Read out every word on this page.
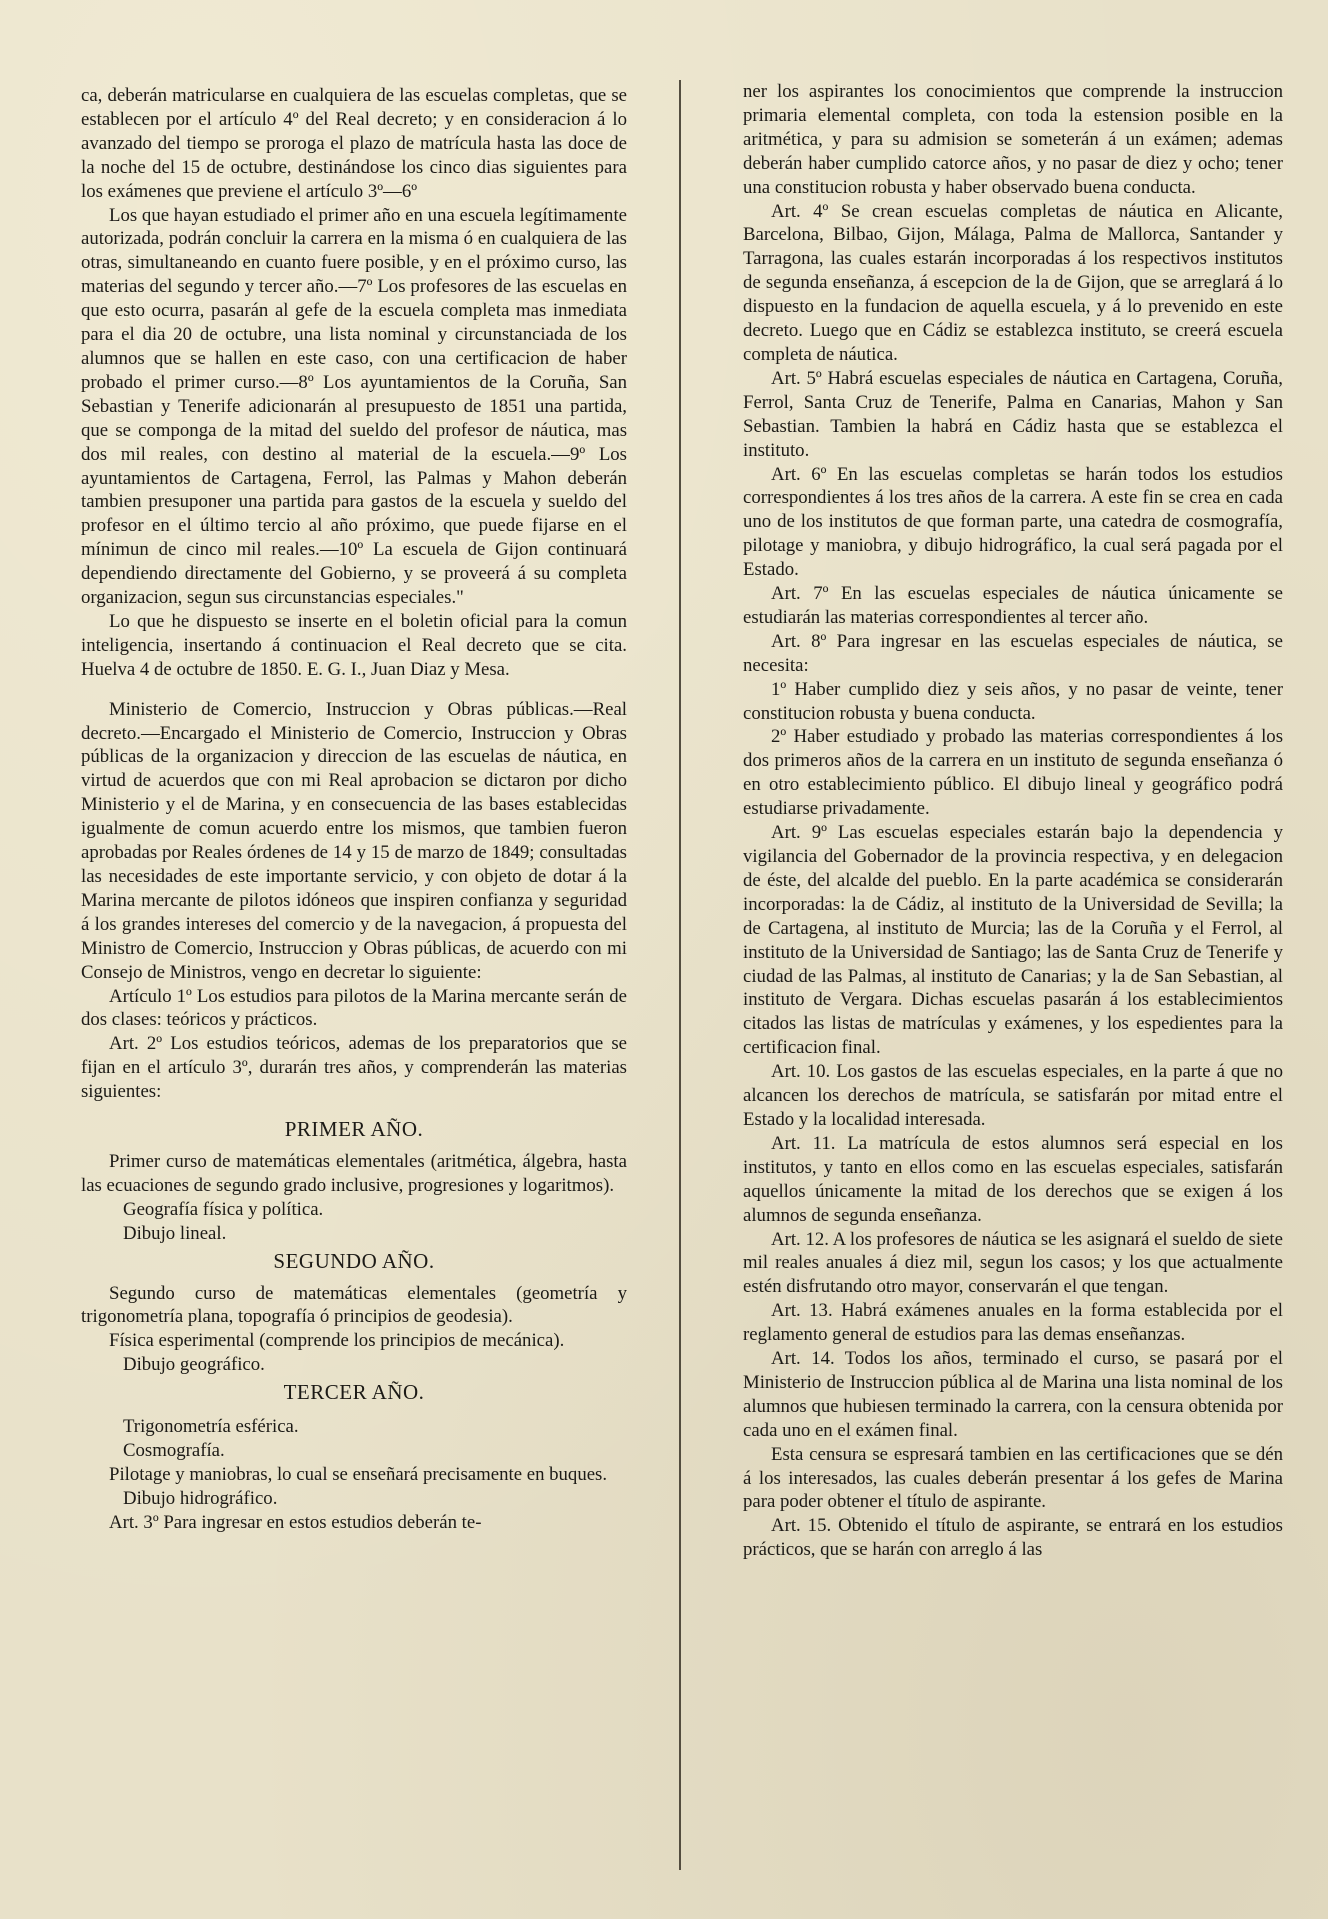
ca, deberán matricularse en cualquiera de las escuelas completas, que se establecen por el artículo 4º del Real decreto; y en consideracion á lo avanzado del tiempo se proroga el plazo de matrícula hasta las doce de la noche del 15 de octubre, destinándose los cinco dias siguientes para los exámenes que previene el artículo 3º—6º

Los que hayan estudiado el primer año en una escuela legítimamente autorizada, podrán concluir la carrera en la misma ó en cualquiera de las otras, simultaneando en cuanto fuere posible, y en el próximo curso, las materias del segundo y tercer año.—7º Los profesores de las escuelas en que esto ocurra, pasarán al gefe de la escuela completa mas inmediata para el dia 20 de octubre, una lista nominal y circunstanciada de los alumnos que se hallen en este caso, con una certificacion de haber probado el primer curso.—8º Los ayuntamientos de la Coruña, San Sebastian y Tenerife adicionarán al presupuesto de 1851 una partida, que se componga de la mitad del sueldo del profesor de náutica, mas dos mil reales, con destino al material de la escuela.—9º Los ayuntamientos de Cartagena, Ferrol, las Palmas y Mahon deberán tambien presuponer una partida para gastos de la escuela y sueldo del profesor en el último tercio al año próximo, que puede fijarse en el mínimun de cinco mil reales.—10º La escuela de Gijon continuará dependiendo directamente del Gobierno, y se proveerá á su completa organizacion, segun sus circunstancias especiales."

Lo que he dispuesto se inserte en el boletin oficial para la comun inteligencia, insertando á continuacion el Real decreto que se cita. Huelva 4 de octubre de 1850. E. G. I., Juan Diaz y Mesa.

Ministerio de Comercio, Instruccion y Obras públicas.—Real decreto.—Encargado el Ministerio de Comercio, Instruccion y Obras públicas de la organizacion y direccion de las escuelas de náutica, en virtud de acuerdos que con mi Real aprobacion se dictaron por dicho Ministerio y el de Marina, y en consecuencia de las bases establecidas igualmente de comun acuerdo entre los mismos, que tambien fueron aprobadas por Reales órdenes de 14 y 15 de marzo de 1849; consultadas las necesidades de este importante servicio, y con objeto de dotar á la Marina mercante de pilotos idóneos que inspiren confianza y seguridad á los grandes intereses del comercio y de la navegacion, á propuesta del Ministro de Comercio, Instruccion y Obras públicas, de acuerdo con mi Consejo de Ministros, vengo en decretar lo siguiente:

Artículo 1º Los estudios para pilotos de la Marina mercante serán de dos clases: teóricos y prácticos.

Art. 2º Los estudios teóricos, ademas de los preparatorios que se fijan en el artículo 3º, durarán tres años, y comprenderán las materias siguientes:

PRIMER AÑO.

Primer curso de matemáticas elementales (aritmética, álgebra, hasta las ecuaciones de segundo grado inclusive, progresiones y logaritmos).

Geografía física y política.

Dibujo lineal.

SEGUNDO AÑO.

Segundo curso de matemáticas elementales (geometría y trigonometría plana, topografía ó principios de geodesia).

Física esperimental (comprende los principios de mecánica).

Dibujo geográfico.

TERCER AÑO.

Trigonometría esférica.

Cosmografía.

Pilotage y maniobras, lo cual se enseñará precisamente en buques.

Dibujo hidrográfico.

Art. 3º Para ingresar en estos estudios deberán te-

ner los aspirantes los conocimientos que comprende la instruccion primaria elemental completa, con toda la estension posible en la aritmética, y para su admision se someterán á un exámen; ademas deberán haber cumplido catorce años, y no pasar de diez y ocho; tener una constitucion robusta y haber observado buena conducta.

Art. 4º Se crean escuelas completas de náutica en Alicante, Barcelona, Bilbao, Gijon, Málaga, Palma de Mallorca, Santander y Tarragona, las cuales estarán incorporadas á los respectivos institutos de segunda enseñanza, á escepcion de la de Gijon, que se arreglará á lo dispuesto en la fundacion de aquella escuela, y á lo prevenido en este decreto. Luego que en Cádiz se establezca instituto, se creerá escuela completa de náutica.

Art. 5º Habrá escuelas especiales de náutica en Cartagena, Coruña, Ferrol, Santa Cruz de Tenerife, Palma en Canarias, Mahon y San Sebastian. Tambien la habrá en Cádiz hasta que se establezca el instituto.

Art. 6º En las escuelas completas se harán todos los estudios correspondientes á los tres años de la carrera. A este fin se crea en cada uno de los institutos de que forman parte, una catedra de cosmografía, pilotage y maniobra, y dibujo hidrográfico, la cual será pagada por el Estado.

Art. 7º En las escuelas especiales de náutica únicamente se estudiarán las materias correspondientes al tercer año.

Art. 8º Para ingresar en las escuelas especiales de náutica, se necesita:

1º Haber cumplido diez y seis años, y no pasar de veinte, tener constitucion robusta y buena conducta.

2º Haber estudiado y probado las materias correspondientes á los dos primeros años de la carrera en un instituto de segunda enseñanza ó en otro establecimiento público. El dibujo lineal y geográfico podrá estudiarse privadamente.

Art. 9º Las escuelas especiales estarán bajo la dependencia y vigilancia del Gobernador de la provincia respectiva, y en delegacion de éste, del alcalde del pueblo. En la parte académica se considerarán incorporadas: la de Cádiz, al instituto de la Universidad de Sevilla; la de Cartagena, al instituto de Murcia; las de la Coruña y el Ferrol, al instituto de la Universidad de Santiago; las de Santa Cruz de Tenerife y ciudad de las Palmas, al instituto de Canarias; y la de San Sebastian, al instituto de Vergara. Dichas escuelas pasarán á los establecimientos citados las listas de matrículas y exámenes, y los espedientes para la certificacion final.

Art. 10. Los gastos de las escuelas especiales, en la parte á que no alcancen los derechos de matrícula, se satisfarán por mitad entre el Estado y la localidad interesada.

Art. 11. La matrícula de estos alumnos será especial en los institutos, y tanto en ellos como en las escuelas especiales, satisfarán aquellos únicamente la mitad de los derechos que se exigen á los alumnos de segunda enseñanza.

Art. 12. A los profesores de náutica se les asignará el sueldo de siete mil reales anuales á diez mil, segun los casos; y los que actualmente estén disfrutando otro mayor, conservarán el que tengan.

Art. 13. Habrá exámenes anuales en la forma establecida por el reglamento general de estudios para las demas enseñanzas.

Art. 14. Todos los años, terminado el curso, se pasará por el Ministerio de Instruccion pública al de Marina una lista nominal de los alumnos que hubiesen terminado la carrera, con la censura obtenida por cada uno en el exámen final.

Esta censura se espresará tambien en las certificaciones que se dén á los interesados, las cuales deberán presentar á los gefes de Marina para poder obtener el título de aspirante.

Art. 15. Obtenido el título de aspirante, se entrará en los estudios prácticos, que se harán con arreglo á las
